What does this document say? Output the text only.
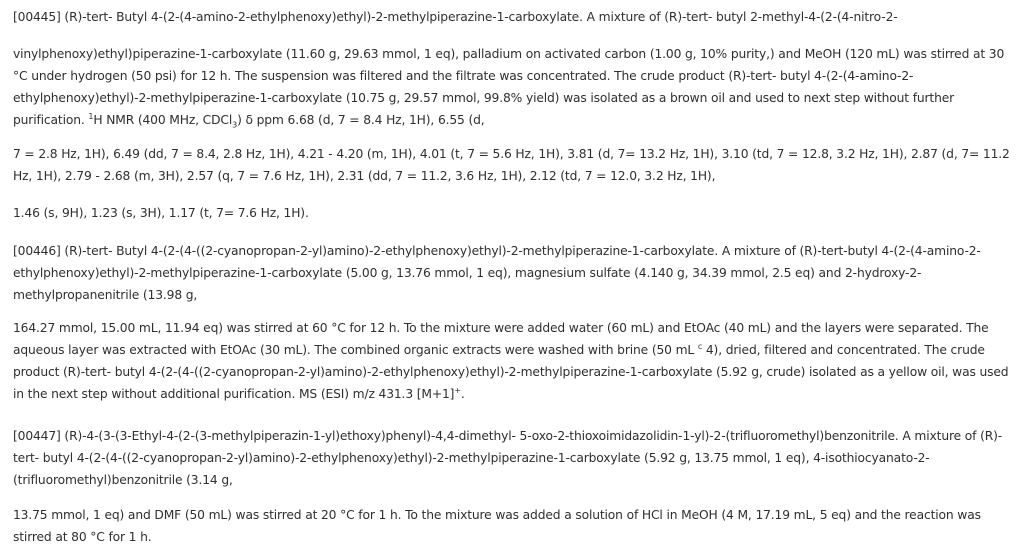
[00445] (R)-tert- Butyl 4-(2-(4-amino-2-ethylphenoxy)ethyl)-2-methylpiperazine-1-carboxylate. A mixture of (R)-tert- butyl 2-methyl-4-(2-(4-nitro-2-
vinylphenoxy)ethyl)piperazine-1-carboxylate (11.60 g, 29.63 mmol, 1 eq), palladium on activated carbon (1.00 g, 10% purity,) and MeOH (120 mL) was stirred at 30 °C under hydrogen (50 psi) for 12 h. The suspension was filtered and the filtrate was concentrated. The crude product (R)-tert- butyl 4-(2-(4-amino-2-ethylphenoxy)ethyl)-2-methylpiperazine-1-carboxylate (10.75 g, 29.57 mmol, 99.8% yield) was isolated as a brown oil and used to next step without further purification. $^1$H NMR (400 MHz, CDCl$_3$) δ ppm 6.68 (d, 7 = 8.4 Hz, 1H), 6.55 (d,
7 = 2.8 Hz, 1H), 6.49 (dd, 7 = 8.4, 2.8 Hz, 1H), 4.21 - 4.20 (m, 1H), 4.01 (t, 7 = 5.6 Hz, 1H), 3.81 (d, 7= 13.2 Hz, 1H), 3.10 (td, 7 = 12.8, 3.2 Hz, 1H), 2.87 (d, 7= 11.2 Hz, 1H), 2.79 - 2.68 (m, 3H), 2.57 (q, 7 = 7.6 Hz, 1H), 2.31 (dd, 7 = 11.2, 3.6 Hz, 1H), 2.12 (td, 7 = 12.0, 3.2 Hz, 1H),
1.46 (s, 9H), 1.23 (s, 3H), 1.17 (t, 7= 7.6 Hz, 1H).
[00446] (R)-tert- Butyl 4-(2-(4-((2-cyanopropan-2-yl)amino)-2-ethylphenoxy)ethyl)-2-methylpiperazine-1-carboxylate. A mixture of (R)-tert-butyl 4-(2-(4-amino-2-ethylphenoxy)ethyl)-2-methylpiperazine-1-carboxylate (5.00 g, 13.76 mmol, 1 eq), magnesium sulfate (4.140 g, 34.39 mmol, 2.5 eq) and 2-hydroxy-2-methylpropanenitrile (13.98 g,
164.27 mmol, 15.00 mL, 11.94 eq) was stirred at 60 °C for 12 h. To the mixture were added water (60 mL) and EtOAc (40 mL) and the layers were separated. The aqueous layer was extracted with EtOAc (30 mL). The combined organic extracts were washed with brine (50 mL $^c$ 4), dried, filtered and concentrated. The crude product (R)-tert- butyl 4-(2-(4-((2-cyanopropan-2-yl)amino)-2-ethylphenoxy)ethyl)-2-methylpiperazine-1-carboxylate (5.92 g, crude) isolated as a yellow oil, was used in the next step without additional purification. MS (ESI) m/z 431.3 [M+1]+.
[00447] (R)-4-(3-(3-Ethyl-4-(2-(3-methylpiperazin-1-yl)ethoxy)phenyl)-4,4-dimethyl- 5-oxo-2-thioxoimidazolidin-1-yl)-2-(trifluoromethyl)benzonitrile. A mixture of (R)-tert- butyl 4-(2-(4-((2-cyanopropan-2-yl)amino)-2-ethylphenoxy)ethyl)-2-methylpiperazine-1-carboxylate (5.92 g, 13.75 mmol, 1 eq), 4-isothiocyanato-2-(trifluoromethyl)benzonitrile (3.14 g,
13.75 mmol, 1 eq) and DMF (50 mL) was stirred at 20 °C for 1 h. To the mixture was added a solution of HCl in MeOH (4 M, 17.19 mL, 5 eq) and the reaction was stirred at 80 °C for 1 h.
